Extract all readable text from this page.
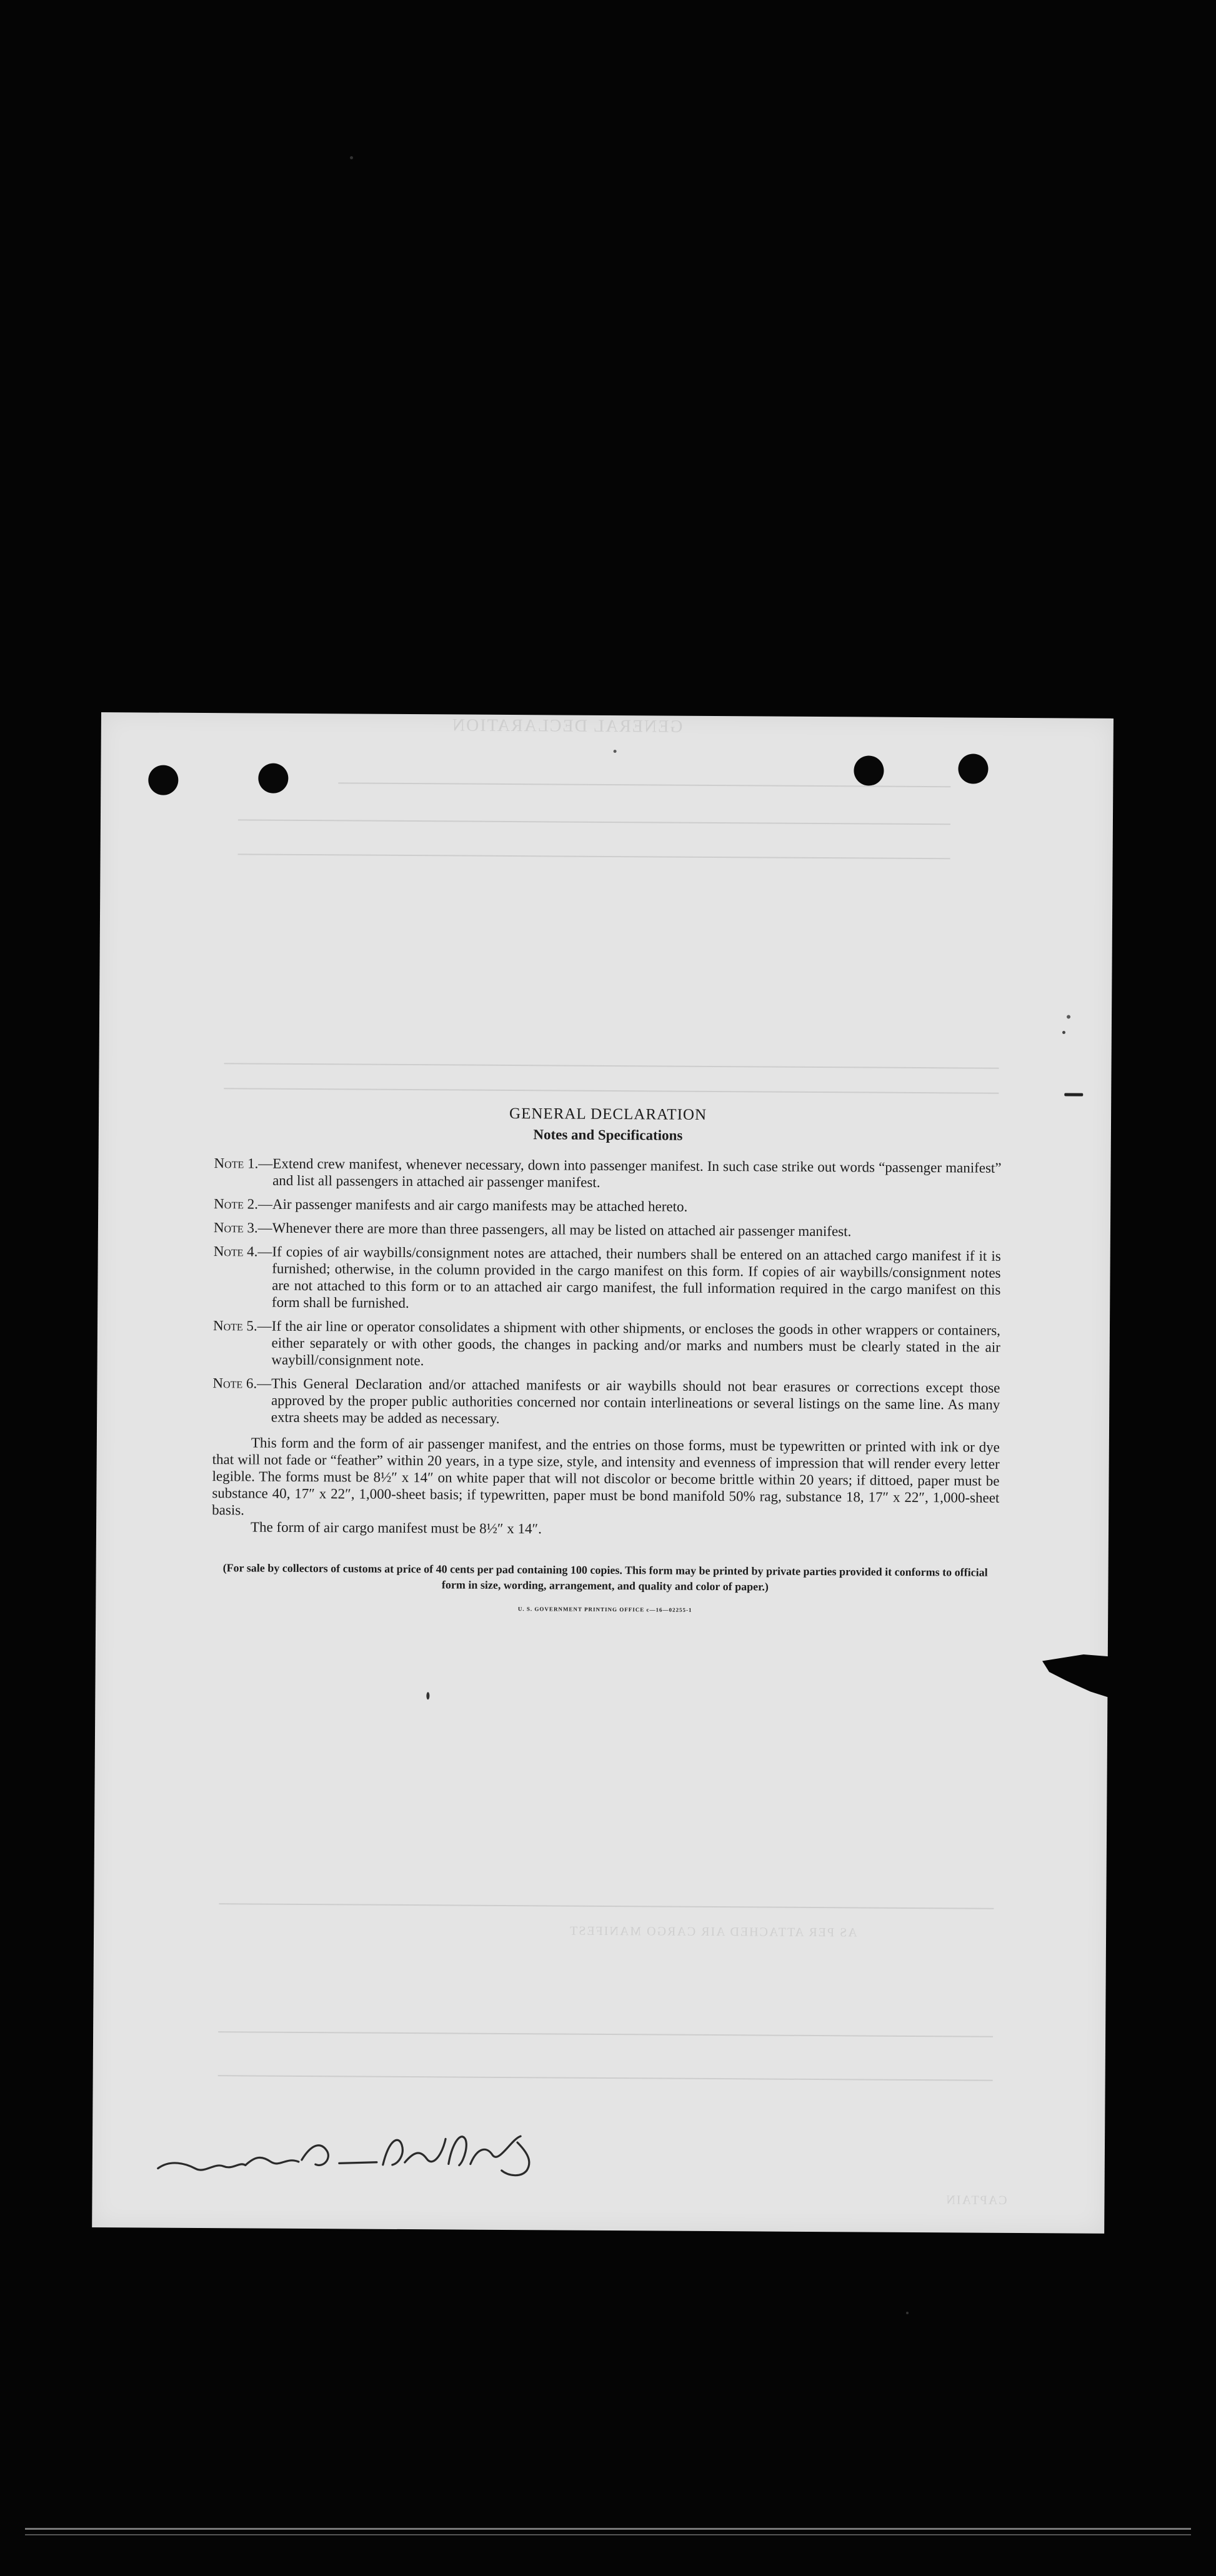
GENERAL DECLARATION
AS PER ATTACHED AIR CARGO MANIFEST
CAPTAIN
GENERAL DECLARATION
Notes and Specifications
Note 1. — Extend crew manifest, whenever necessary, down into passenger manifest. In such case strike out words “passenger manifest” and list all passengers in attached air passenger manifest.
Note 2. — Air passenger manifests and air cargo manifests may be attached hereto.
Note 3. — Whenever there are more than three passengers, all may be listed on attached air passenger manifest.
Note 4. — If copies of air waybills/consignment notes are attached, their numbers shall be entered on an attached cargo manifest if it is furnished; otherwise, in the column provided in the cargo manifest on this form. If copies of air waybills/consignment notes are not attached to this form or to an attached air cargo manifest, the full information required in the cargo manifest on this form shall be furnished.
Note 5. — If the air line or operator consolidates a shipment with other shipments, or encloses the goods in other wrappers or containers, either separately or with other goods, the changes in packing and/or marks and numbers must be clearly stated in the air waybill/consignment note.
Note 6. — This General Declaration and/or attached manifests or air waybills should not bear erasures or corrections except those approved by the proper public authorities concerned nor contain interlineations or several listings on the same line. As many extra sheets may be added as necessary.
This form and the form of air passenger manifest, and the entries on those forms, must be typewritten or printed with ink or dye that will not fade or “feather” within 20 years, in a type size, style, and intensity and evenness of impression that will render every letter legible. The forms must be 8½″ x 14″ on white paper that will not discolor or become brittle within 20 years; if dittoed, paper must be substance 40, 17″ x 22″, 1,000-sheet basis; if typewritten, paper must be bond manifold 50% rag, substance 18, 17″ x 22″, 1,000-sheet basis.
The form of air cargo manifest must be 8½″ x 14″.
(For sale by collectors of customs at price of 40 cents per pad containing 100 copies. This form may be printed by private parties provided it conforms to official form in size, wording, arrangement, and quality and color of paper.)
U. S. GOVERNMENT PRINTING OFFICE c—16—02255-1
